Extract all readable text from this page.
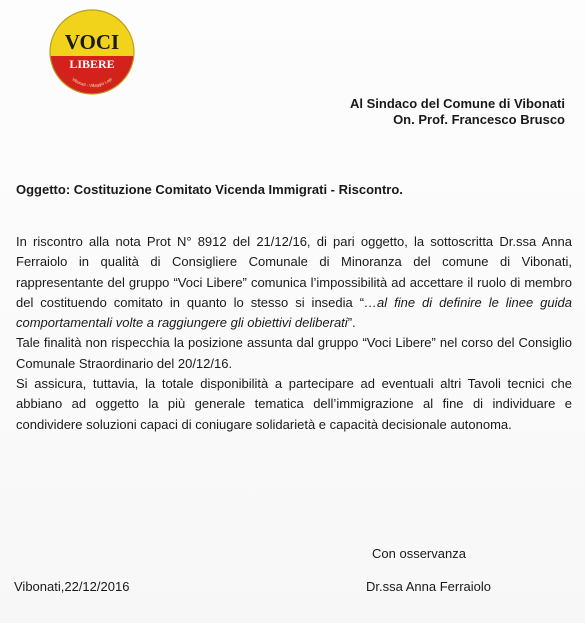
VOCI
LIBERE
Vibonati - Villaggio Laje
Al Sindaco del Comune di Vibonati
On. Prof. Francesco Brusco
Oggetto: Costituzione Comitato Vicenda Immigrati - Riscontro.

In riscontro alla nota Prot N° 8912 del 21/12/16, di pari oggetto, la sottoscritta Dr.ssa Anna Ferraiolo in qualità di Consigliere Comunale di Minoranza del comune di Vibonati, rappresentante del gruppo “Voci Libere” comunica l’impossibilità ad accettare il ruolo di membro del costituendo comitato in quanto lo stesso si insedia “…al fine di definire le linee guida comportamentali volte a raggiungere gli obiettivi deliberati”.

Tale finalità non rispecchia la posizione assunta dal gruppo “Voci Libere” nel corso del Consiglio Comunale Straordinario del 20/12/16.

Si assicura, tuttavia, la totale disponibilità a partecipare ad eventuali altri Tavoli tecnici che abbiano ad oggetto la più generale tematica dell’immigrazione al fine di individuare e condividere soluzioni capaci di coniugare solidarietà e capacità decisionale autonoma.

Con osservanza
Vibonati,22/12/2016	Dr.ssa Anna Ferraiolo
